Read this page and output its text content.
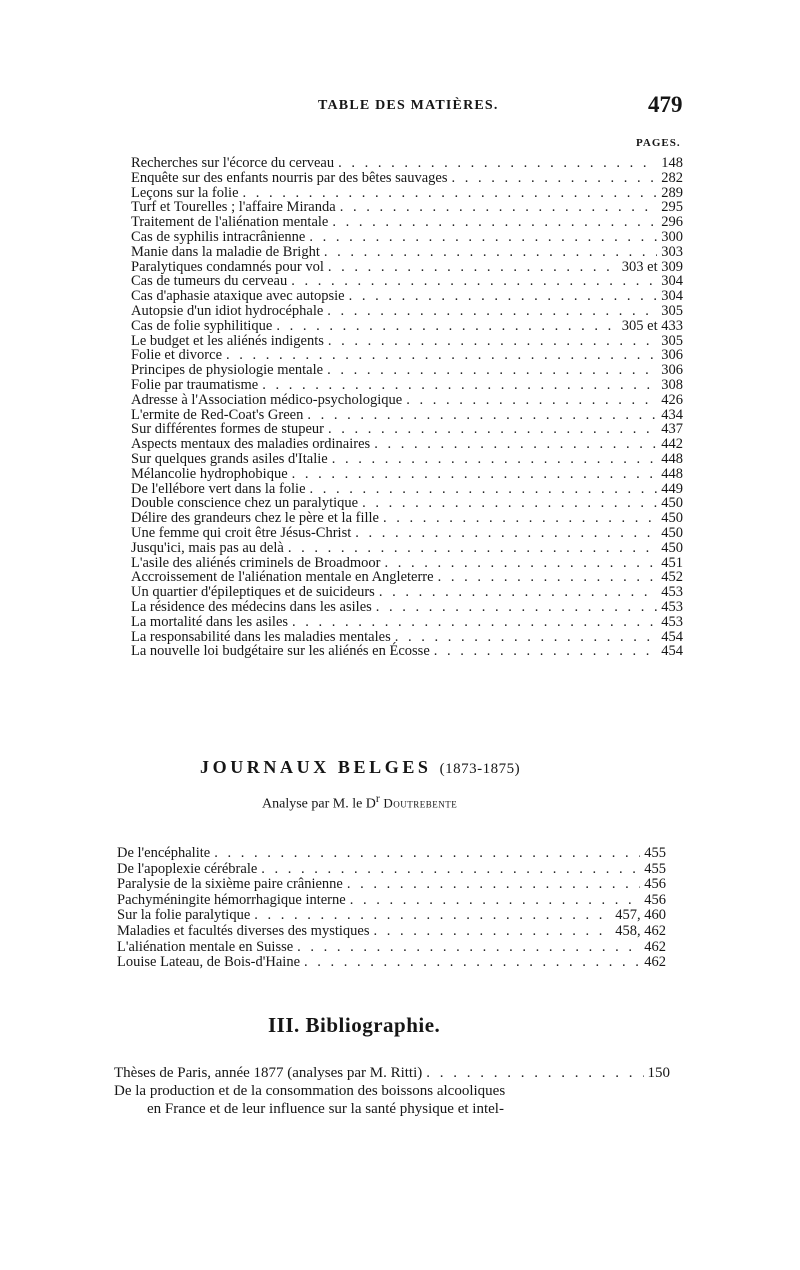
TABLE DES MATIÈRES.	479
PAGES.
Recherches sur l'écorce du cerveau . . .	148
Enquête sur des enfants nourris par des bêtes sauvages . . .	282
Leçons sur la folie . . .	289
Turf et Tourelles ; l'affaire Miranda . . .	295
Traitement de l'aliénation mentale . . .	296
Cas de syphilis intracrânienne . . .	300
Manie dans la maladie de Bright . . .	303
Paralytiques condamnés pour vol . . .	303 et 309
Cas de tumeurs du cerveau . . .	304
Cas d'aphasie ataxique avec autopsie . . .	304
Autopsie d'un idiot hydrocéphale . . .	305
Cas de folie syphilitique . . .	305 et 433
Le budget et les aliénés indigents . . .	305
Folie et divorce . . .	306
Principes de physiologie mentale . . .	306
Folie par traumatisme . . .	308
Adresse à l'Association médico-psychologique . . .	426
L'ermite de Red-Coat's Green . . .	434
Sur différentes formes de stupeur . . .	437
Aspects mentaux des maladies ordinaires . . .	442
Sur quelques grands asiles d'Italie . . .	448
Mélancolie hydrophobique . . .	448
De l'ellébore vert dans la folie . . .	449
Double conscience chez un paralytique . . .	450
Délire des grandeurs chez le père et la fille . . .	450
Une femme qui croit être Jésus-Christ . . .	450
Jusqu'ici, mais pas au delà . . .	450
L'asile des aliénés criminels de Broadmoor . . .	451
Accroissement de l'aliénation mentale en Angleterre . . .	452
Un quartier d'épileptiques et de suicideurs . . .	453
La résidence des médecins dans les asiles . . .	453
La mortalité dans les asiles . . .	453
La responsabilité dans les maladies mentales . . .	454
La nouvelle loi budgétaire sur les aliénés en Écosse . . .	454
JOURNAUX BELGES (1873-1875)
Analyse par M. le $D^r$ Doutrebente
De l'encéphalite . . .	455
De l'apoplexie cérébrale . . .	455
Paralysie de la sixième paire crânienne . . .	456
Pachyméningite hémorrhagique interne . . .	456
Sur la folie paralytique . . .	457, 460
Maladies et facultés diverses des mystiques . . .	458, 462
L'aliénation mentale en Suisse . . .	462
Louise Lateau, de Bois-d'Haine . . .	462
III. Bibliographie.
Thèses de Paris, année 1877 (analyses par M. Ritti) . . .	150
De la production et de la consommation des boissons alcooliques
en France et de leur influence sur la santé physique et intel-
